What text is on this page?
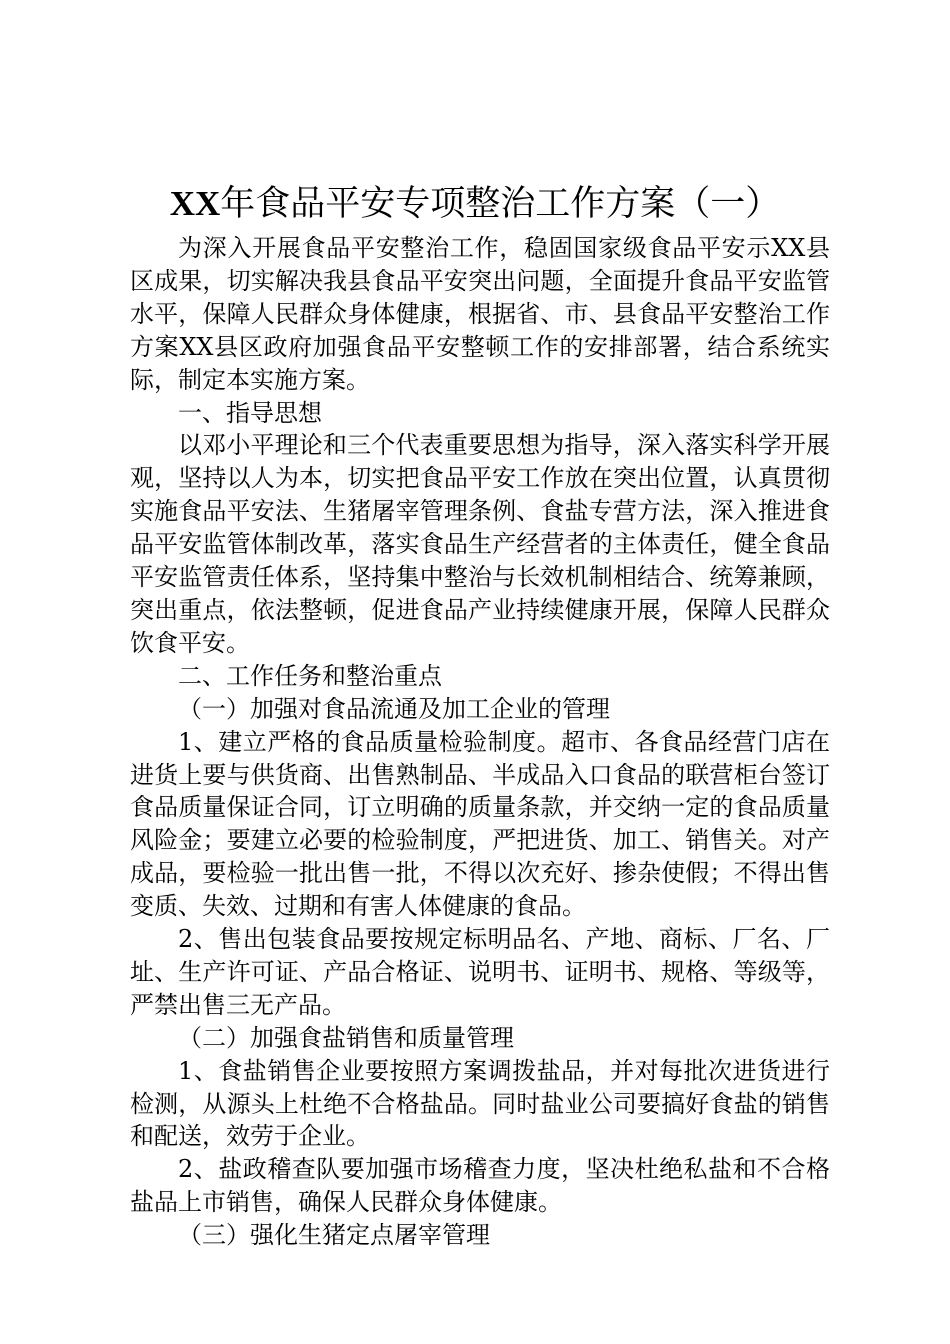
XX年食品平安专项整治工作方案（一）

为深入开展食品平安整治工作，稳固国家级食品平安示XX县区成果，切实解决我县食品平安突出问题，全面提升食品平安监管水平，保障人民群众身体健康，根据省、市、县食品平安整治工作方案XX县区政府加强食品平安整顿工作的安排部署，结合系统实际，制定本实施方案。

一、指导思想

以邓小平理论和三个代表重要思想为指导，深入落实科学开展观，坚持以人为本，切实把食品平安工作放在突出位置，认真贯彻实施食品平安法、生猪屠宰管理条例、食盐专营方法，深入推进食品平安监管体制改革，落实食品生产经营者的主体责任，健全食品平安监管责任体系，坚持集中整治与长效机制相结合、统筹兼顾，突出重点，依法整顿，促进食品产业持续健康开展，保障人民群众饮食平安。

二、工作任务和整治重点

（一）加强对食品流通及加工企业的管理

1、建立严格的食品质量检验制度。超市、各食品经营门店在进货上要与供货商、出售熟制品、半成品入口食品的联营柜台签订食品质量保证合同，订立明确的质量条款，并交纳一定的食品质量风险金；要建立必要的检验制度，严把进货、加工、销售关。对产成品，要检验一批出售一批，不得以次充好、掺杂使假；不得出售变质、失效、过期和有害人体健康的食品。

2、售出包装食品要按规定标明品名、产地、商标、厂名、厂址、生产许可证、产品合格证、说明书、证明书、规格、等级等，严禁出售三无产品。

（二）加强食盐销售和质量管理

1、食盐销售企业要按照方案调拨盐品，并对每批次进货进行检测，从源头上杜绝不合格盐品。同时盐业公司要搞好食盐的销售和配送，效劳于企业。

2、盐政稽查队要加强市场稽查力度，坚决杜绝私盐和不合格盐品上市销售，确保人民群众身体健康。

（三）强化生猪定点屠宰管理
